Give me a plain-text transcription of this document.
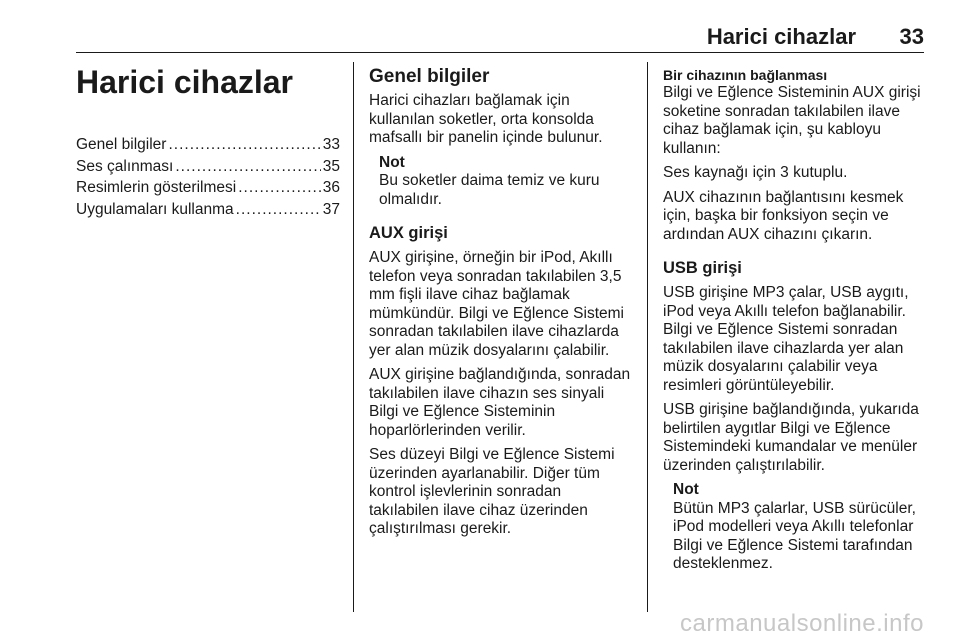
Harici cihazlar 33
Harici cihazlar
Genel bilgiler .....	33
Ses çalınması .....	35
Resimlerin gösterilmesi .....	36
Uygulamaları kullanma .....	37
Genel bilgiler

Harici cihazları bağlamak için kullanılan soketler, orta konsolda mafsallı bir panelin içinde bulunur.

Not

Bu soketler daima temiz ve kuru olmalıdır.

AUX girişi

AUX girişine, örneğin bir iPod, Akıllı telefon veya sonradan takılabilen 3,5 mm fişli ilave cihaz bağlamak mümkündür. Bilgi ve Eğlence Sistemi sonradan takılabilen ilave cihazlarda yer alan müzik dosyalarını çalabilir.

AUX girişine bağlandığında, sonradan takılabilen ilave cihazın ses sinyali Bilgi ve Eğlence Sisteminin hoparlörlerinden verilir.

Ses düzeyi Bilgi ve Eğlence Sistemi üzerinden ayarlanabilir. Diğer tüm kontrol işlevlerinin sonradan takılabilen ilave cihaz üzerinden çalıştırılması gerekir.

Bir cihazının bağlanması

Bilgi ve Eğlence Sisteminin AUX girişi soketine sonradan takılabilen ilave cihaz bağlamak için, şu kabloyu kullanın:

Ses kaynağı için 3 kutuplu.

AUX cihazının bağlantısını kesmek için, başka bir fonksiyon seçin ve ardından AUX cihazını çıkarın.

USB girişi

USB girişine MP3 çalar, USB aygıtı, iPod veya Akıllı telefon bağlanabilir. Bilgi ve Eğlence Sistemi sonradan takılabilen ilave cihazlarda yer alan müzik dosyalarını çalabilir veya resimleri görüntüleyebilir.

USB girişine bağlandığında, yukarıda belirtilen aygıtlar Bilgi ve Eğlence Sistemindeki kumandalar ve menüler üzerinden çalıştırılabilir.

Not

Bütün MP3 çalarlar, USB sürücüler, iPod modelleri veya Akıllı telefonlar Bilgi ve Eğlence Sistemi tarafından desteklenmez.

carmanualsonline.info
